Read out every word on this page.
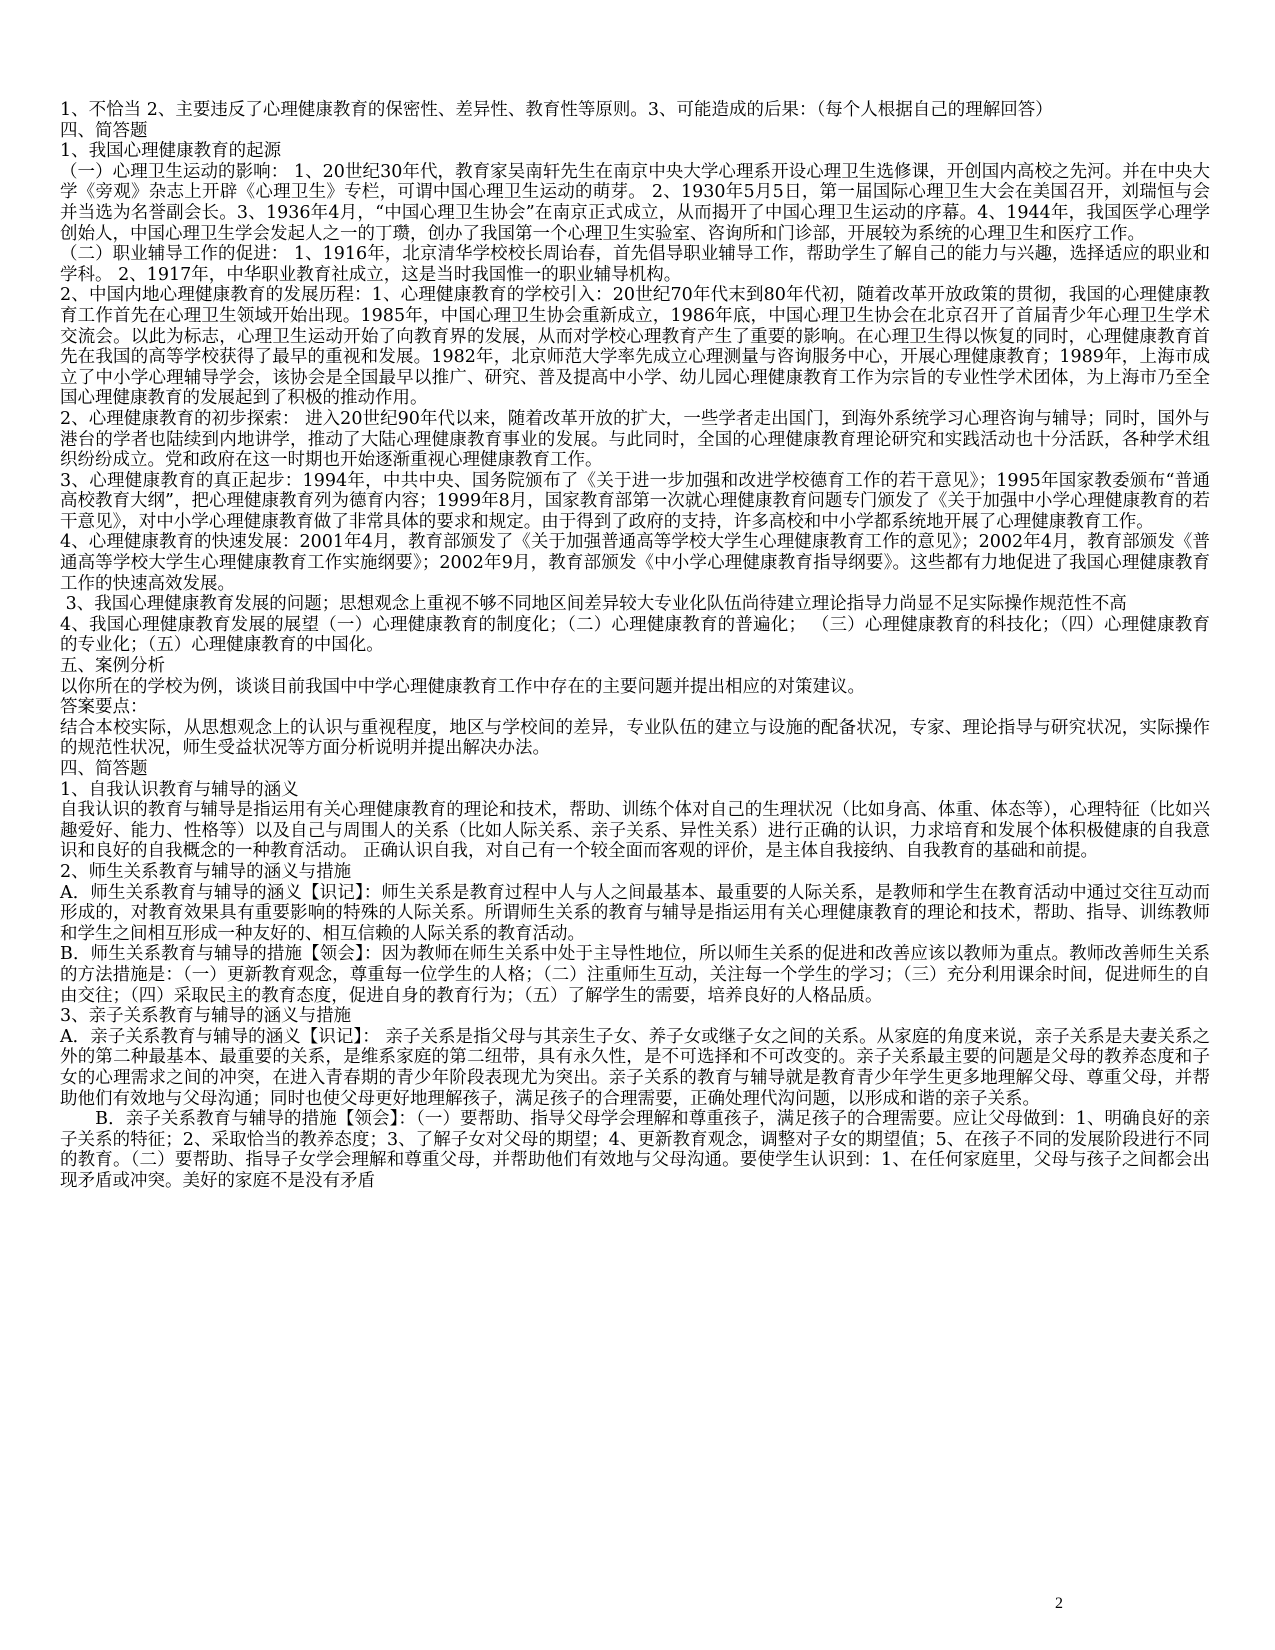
1、不恰当 2、主要违反了心理健康教育的保密性、差异性、教育性等原则。3、可能造成的后果：（每个人根据自己的理解回答）

四、简答题

1、我国心理健康教育的起源

（一）心理卫生运动的影响： 1、20世纪30年代，教育家吴南轩先生在南京中央大学心理系开设心理卫生选修课，开创国内高校之先河。并在中央大学《旁观》杂志上开辟《心理卫生》专栏，可谓中国心理卫生运动的萌芽。 2、1930年5月5日，第一届国际心理卫生大会在美国召开，刘瑞恒与会并当选为名誉副会长。3、1936年4月，“中国心理卫生协会”在南京正式成立，从而揭开了中国心理卫生运动的序幕。4、1944年，我国医学心理学创始人，中国心理卫生学会发起人之一的丁瓒，创办了我国第一个心理卫生实验室、咨询所和门诊部，开展较为系统的心理卫生和医疗工作。

（二）职业辅导工作的促进： 1、1916年，北京清华学校校长周诒春，首先倡导职业辅导工作，帮助学生了解自己的能力与兴趣，选择适应的职业和学科。 2、1917年，中华职业教育社成立，这是当时我国惟一的职业辅导机构。

2、中国内地心理健康教育的发展历程：1、心理健康教育的学校引入：20世纪70年代末到80年代初，随着改革开放政策的贯彻，我国的心理健康教育工作首先在心理卫生领域开始出现。1985年，中国心理卫生协会重新成立，1986年底，中国心理卫生协会在北京召开了首届青少年心理卫生学术交流会。以此为标志，心理卫生运动开始了向教育界的发展，从而对学校心理教育产生了重要的影响。在心理卫生得以恢复的同时，心理健康教育首先在我国的高等学校获得了最早的重视和发展。1982年，北京师范大学率先成立心理测量与咨询服务中心，开展心理健康教育；1989年，上海市成立了中小学心理辅导学会，该协会是全国最早以推广、研究、普及提高中小学、幼儿园心理健康教育工作为宗旨的专业性学术团体，为上海市乃至全国心理健康教育的发展起到了积极的推动作用。

2、心理健康教育的初步探索： 进入20世纪90年代以来，随着改革开放的扩大，一些学者走出国门，到海外系统学习心理咨询与辅导；同时，国外与港台的学者也陆续到内地讲学，推动了大陆心理健康教育事业的发展。与此同时，全国的心理健康教育理论研究和实践活动也十分活跃，各种学术组织纷纷成立。党和政府在这一时期也开始逐渐重视心理健康教育工作。

3、心理健康教育的真正起步：1994年，中共中央、国务院颁布了《关于进一步加强和改进学校德育工作的若干意见》；1995年国家教委颁布“普通高校教育大纲”，把心理健康教育列为德育内容；1999年8月，国家教育部第一次就心理健康教育问题专门颁发了《关于加强中小学心理健康教育的若干意见》，对中小学心理健康教育做了非常具体的要求和规定。由于得到了政府的支持，许多高校和中小学都系统地开展了心理健康教育工作。

4、心理健康教育的快速发展：2001年4月，教育部颁发了《关于加强普通高等学校大学生心理健康教育工作的意见》；2002年4月，教育部颁发《普通高等学校大学生心理健康教育工作实施纲要》；2002年9月，教育部颁发《中小学心理健康教育指导纲要》。这些都有力地促进了我国心理健康教育工作的快速高效发展。

3、我国心理健康教育发展的问题；思想观念上重视不够不同地区间差异较大专业化队伍尚待建立理论指导力尚显不足实际操作规范性不高

4、我国心理健康教育发展的展望（一）心理健康教育的制度化；（二）心理健康教育的普遍化； （三）心理健康教育的科技化；（四）心理健康教育的专业化；（五）心理健康教育的中国化。

五、案例分析

以你所在的学校为例，谈谈目前我国中中学心理健康教育工作中存在的主要问题并提出相应的对策建议。

答案要点：

结合本校实际，从思想观念上的认识与重视程度，地区与学校间的差异，专业队伍的建立与设施的配备状况，专家、理论指导与研究状况，实际操作的规范性状况，师生受益状况等方面分析说明并提出解决办法。

四、简答题

1、自我认识教育与辅导的涵义

自我认识的教育与辅导是指运用有关心理健康教育的理论和技术，帮助、训练个体对自己的生理状况（比如身高、体重、体态等），心理特征（比如兴趣爱好、能力、性格等）以及自己与周围人的关系（比如人际关系、亲子关系、异性关系）进行正确的认识，力求培育和发展个体积极健康的自我意识和良好的自我概念的一种教育活动。 正确认识自我，对自己有一个较全面而客观的评价，是主体自我接纳、自我教育的基础和前提。

2、师生关系教育与辅导的涵义与措施

A．师生关系教育与辅导的涵义【识记】：师生关系是教育过程中人与人之间最基本、最重要的人际关系，是教师和学生在教育活动中通过交往互动而形成的，对教育效果具有重要影响的特殊的人际关系。所谓师生关系的教育与辅导是指运用有关心理健康教育的理论和技术，帮助、指导、训练教师和学生之间相互形成一种友好的、相互信赖的人际关系的教育活动。

B．师生关系教育与辅导的措施【领会】：因为教师在师生关系中处于主导性地位，所以师生关系的促进和改善应该以教师为重点。教师改善师生关系的方法措施是：（一）更新教育观念，尊重每一位学生的人格；（二）注重师生互动，关注每一个学生的学习；（三）充分利用课余时间，促进师生的自由交往；（四）采取民主的教育态度，促进自身的教育行为；（五）了解学生的需要，培养良好的人格品质。

3、亲子关系教育与辅导的涵义与措施

A．亲子关系教育与辅导的涵义【识记】： 亲子关系是指父母与其亲生子女、养子女或继子女之间的关系。从家庭的角度来说，亲子关系是夫妻关系之外的第二种最基本、最重要的关系，是维系家庭的第二纽带，具有永久性，是不可选择和不可改变的。亲子关系最主要的问题是父母的教养态度和子女的心理需求之间的冲突，在进入青春期的青少年阶段表现尤为突出。亲子关系的教育与辅导就是教育青少年学生更多地理解父母、尊重父母，并帮助他们有效地与父母沟通；同时也使父母更好地理解孩子，满足孩子的合理需要，正确处理代沟问题，以形成和谐的亲子关系。

　　B．亲子关系教育与辅导的措施【领会】：（一）要帮助、指导父母学会理解和尊重孩子，满足孩子的合理需要。应让父母做到：1、明确良好的亲子关系的特征；2、采取恰当的教养态度；3、了解子女对父母的期望；4、更新教育观念，调整对子女的期望值；5、在孩子不同的发展阶段进行不同的教育。（二）要帮助、指导子女学会理解和尊重父母，并帮助他们有效地与父母沟通。要使学生认识到：1、在任何家庭里，父母与孩子之间都会出现矛盾或冲突。美好的家庭不是没有矛盾

2
